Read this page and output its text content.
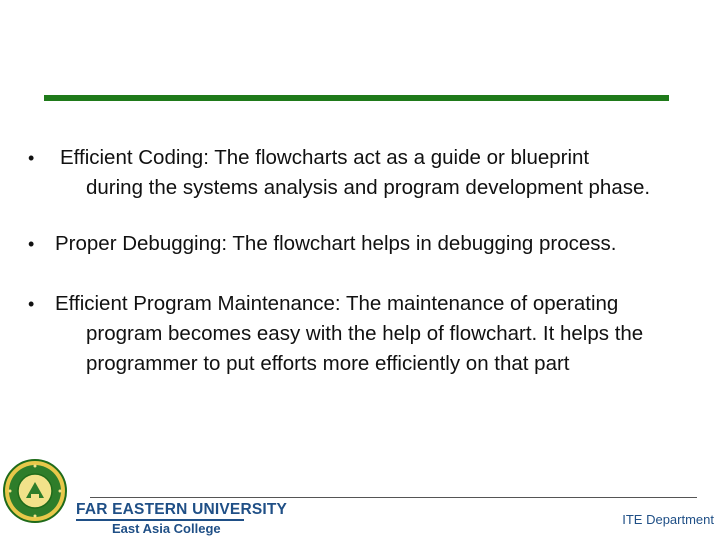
•	Efficient Coding: The flowcharts act as a guide or blueprint
during the systems analysis and program development phase.
•	Proper Debugging: The flowchart helps in debugging process.
•	Efficient Program Maintenance: The maintenance of operating
program becomes easy with the help of flowchart. It helps the
programmer to put efforts more efficiently on that part
FAR EASTERN UNIVERSITY
East Asia College
ITE Department
